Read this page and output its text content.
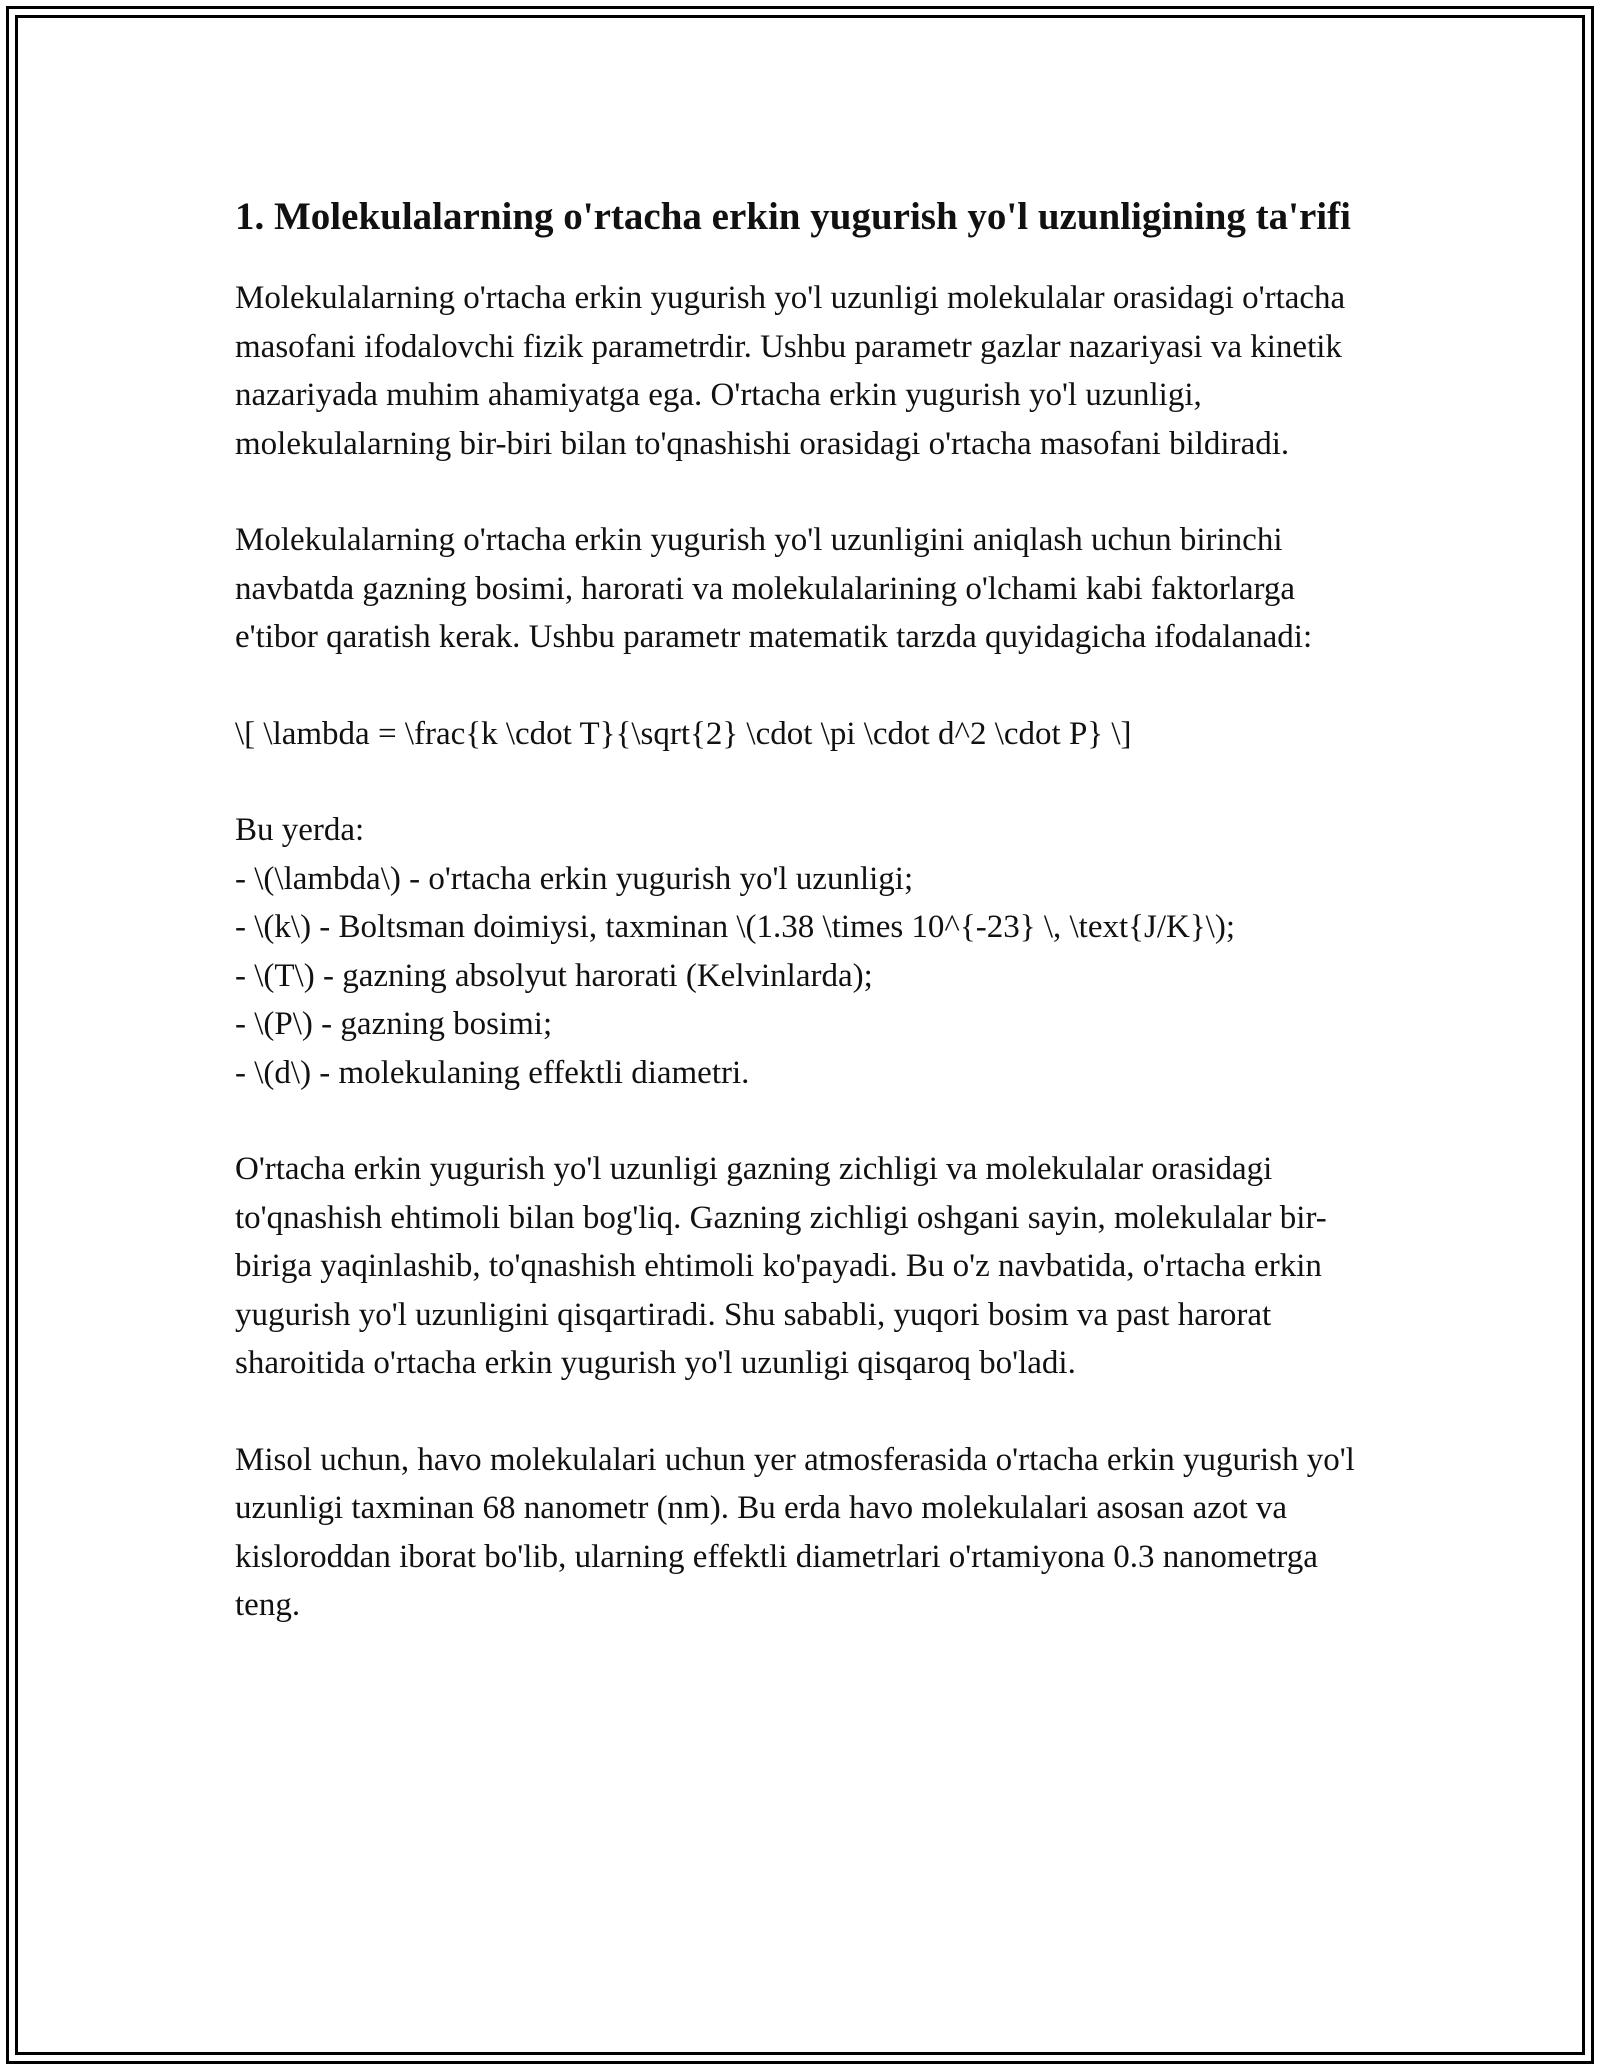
1. Molekulalarning o'rtacha erkin yugurish yo'l uzunligining ta'rifi

Molekulalarning o'rtacha erkin yugurish yo'l uzunligi molekulalar orasidagi o'rtacha masofani ifodalovchi fizik parametrdir. Ushbu parametr gazlar nazariyasi va kinetik nazariyada muhim ahamiyatga ega. O'rtacha erkin yugurish yo'l uzunligi, molekulalarning bir-biri bilan to'qnashishi orasidagi o'rtacha masofani bildiradi.

Molekulalarning o'rtacha erkin yugurish yo'l uzunligini aniqlash uchun birinchi navbatda gazning bosimi, harorati va molekulalarining o'lchami kabi faktorlarga e'tibor qaratish kerak. Ushbu parametr matematik tarzda quyidagicha ifodalanadi:

\[ \lambda = \frac{k \cdot T}{\sqrt{2} \cdot \pi \cdot d^2 \cdot P} \]
Bu yerda:
- \(\lambda\) - o'rtacha erkin yugurish yo'l uzunligi;
- \(k\) - Boltsman doimiysi, taxminan \(1.38 \times 10^{-23} \, \text{J/K}\);
- \(T\) - gazning absolyut harorati (Kelvinlarda);
- \(P\) - gazning bosimi;
- \(d\) - molekulaning effektli diametri.

O'rtacha erkin yugurish yo'l uzunligi gazning zichligi va molekulalar orasidagi to'qnashish ehtimoli bilan bog'liq. Gazning zichligi oshgani sayin, molekulalar bir-biriga yaqinlashib, to'qnashish ehtimoli ko'payadi. Bu o'z navbatida, o'rtacha erkin yugurish yo'l uzunligini qisqartiradi. Shu sababli, yuqori bosim va past harorat sharoitida o'rtacha erkin yugurish yo'l uzunligi qisqaroq bo'ladi.

Misol uchun, havo molekulalari uchun yer atmosferasida o'rtacha erkin yugurish yo'l uzunligi taxminan 68 nanometr (nm). Bu erda havo molekulalari asosan azot va kisloroddan iborat bo'lib, ularning effektli diametrlari o'rtamiyona 0.3 nanometrga teng.
